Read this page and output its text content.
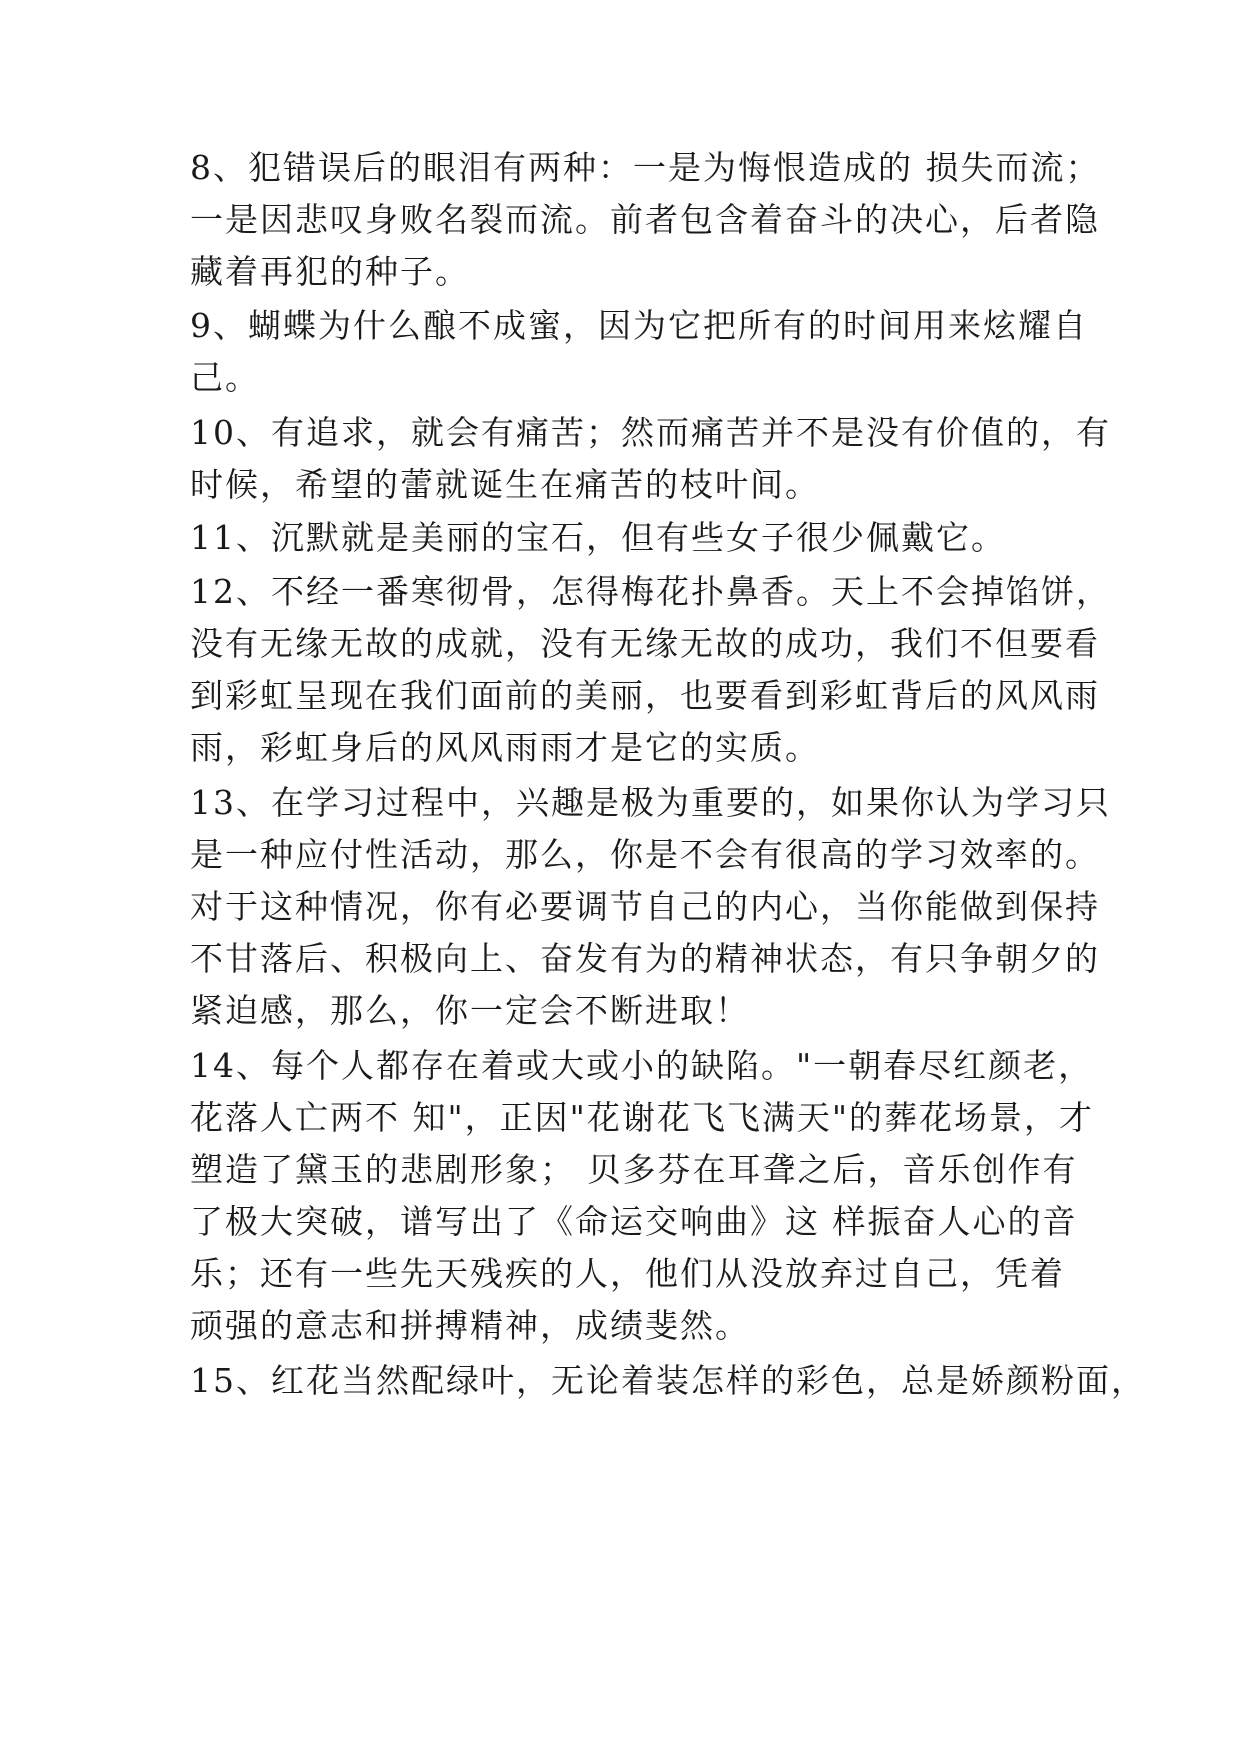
8、犯错误后的眼泪有两种：一是为悔恨造成的 损失而流；
一是因悲叹身败名裂而流。前者包含着奋斗的决心，后者隐
藏着再犯的种子。
9、蝴蝶为什么酿不成蜜，因为它把所有的时间用来炫耀自
己。
10、有追求，就会有痛苦；然而痛苦并不是没有价值的，有
时候，希望的蕾就诞生在痛苦的枝叶间。
11、沉默就是美丽的宝石，但有些女子很少佩戴它。
12、不经一番寒彻骨，怎得梅花扑鼻香。天上不会掉馅饼，
没有无缘无故的成就，没有无缘无故的成功，我们不但要看
到彩虹呈现在我们面前的美丽，也要看到彩虹背后的风风雨
雨，彩虹身后的风风雨雨才是它的实质。
13、在学习过程中，兴趣是极为重要的，如果你认为学习只
是一种应付性活动，那么，你是不会有很高的学习效率的。
对于这种情况，你有必要调节自己的内心，当你能做到保持
不甘落后、积极向上、奋发有为的精神状态，有只争朝夕的
紧迫感，那么，你一定会不断进取！
14、每个人都存在着或大或小的缺陷。"一朝春尽红颜老，
花落人亡两不 知"，正因"花谢花飞飞满天"的葬花场景，才
塑造了黛玉的悲剧形象； 贝多芬在耳聋之后，音乐创作有
了极大突破，谱写出了《命运交响曲》这 样振奋人心的音
乐；还有一些先天残疾的人，他们从没放弃过自己，凭着
顽强的意志和拼搏精神，成绩斐然。
15、红花当然配绿叶，无论着装怎样的彩色，总是娇颜粉面，
